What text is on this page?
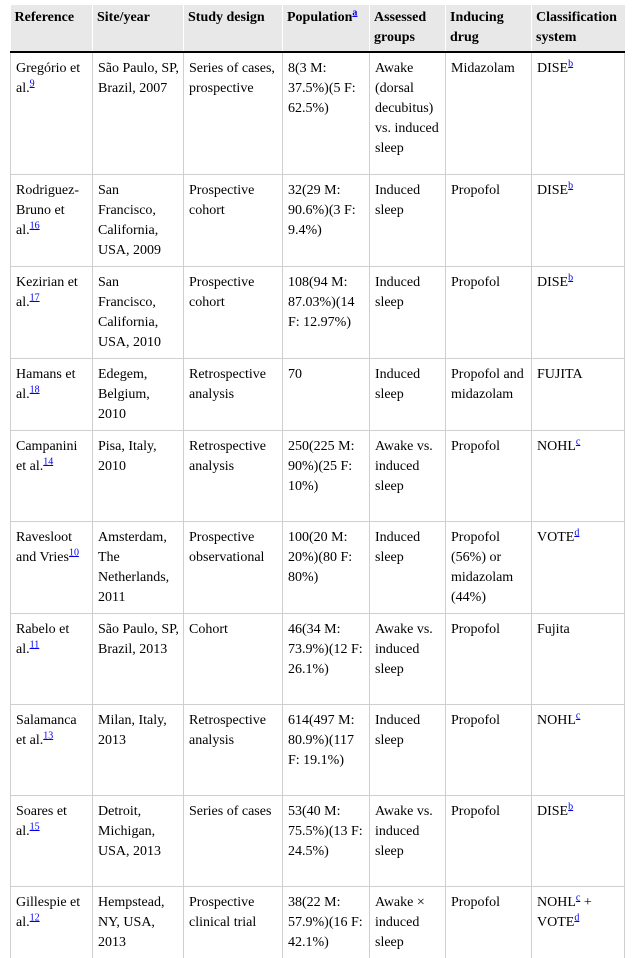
Reference	Site/year	Study design	Population$^a$	Assessed groups	Inducing drug	Classification system
Gregório et al.$^9$	São Paulo, SP, Brazil, 2007	Series of cases, prospective	8(3 M: 37.5%)(5 F: 62.5%)	Awake (dorsal decubitus) vs. induced sleep	Midazolam	DISE$^b$
Rodriguez-Bruno et al.$^{16}$	San Francisco, California, USA, 2009	Prospective cohort	32(29 M: 90.6%)(3 F: 9.4%)	Induced sleep	Propofol	DISE$^b$
Kezirian et al.$^{17}$	San Francisco, California, USA, 2010	Prospective cohort	108(94 M: 87.03%)(14 F: 12.97%)	Induced sleep	Propofol	DISE$^b$
Hamans et al.$^{18}$	Edegem, Belgium, 2010	Retrospective analysis	70	Induced sleep	Propofol and midazolam	FUJITA
Campanini et al.$^{14}$	Pisa, Italy, 2010	Retrospective analysis	250(225 M: 90%)(25 F: 10%)	Awake vs. induced sleep	Propofol	NOHL$^c$
Ravesloot and Vries$^{10}$	Amsterdam, The Netherlands, 2011	Prospective observational	100(20 M: 20%)(80 F: 80%)	Induced sleep	Propofol (56%) or midazolam (44%)	VOTE$^d$
Rabelo et al.$^{11}$	São Paulo, SP, Brazil, 2013	Cohort	46(34 M: 73.9%)(12 F: 26.1%)	Awake vs. induced sleep	Propofol	Fujita
Salamanca et al.$^{13}$	Milan, Italy, 2013	Retrospective analysis	614(497 M: 80.9%)(117 F: 19.1%)	Induced sleep	Propofol	NOHL$^c$
Soares et al.$^{15}$	Detroit, Michigan, USA, 2013	Series of cases	53(40 M: 75.5%)(13 F: 24.5%)	Awake vs. induced sleep	Propofol	DISE$^b$
Gillespie et al.$^{12}$	Hempstead, NY, USA, 2013	Prospective clinical trial	38(22 M: 57.9%)(16 F: 42.1%)	Awake × induced sleep	Propofol	NOHL$^c$ + VOTE$^d$
